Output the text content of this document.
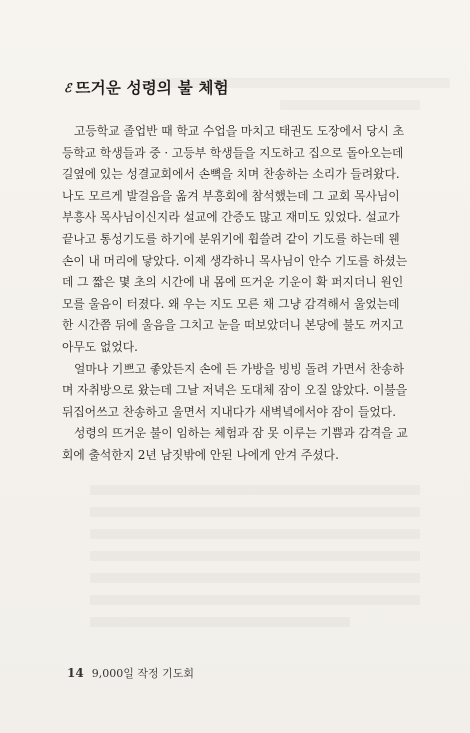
ℰ 뜨거운 성령의 불 체험
고등학교 졸업반 때 학교 수업을 마치고 태권도 도장에서 당시 초
등학교 학생들과 중 · 고등부 학생들을 지도하고 집으로 돌아오는데
길옆에 있는 성결교회에서 손뼉을 치며 찬송하는 소리가 들려왔다.
나도 모르게 발걸음을 옮겨 부흥회에 참석했는데 그 교회 목사님이
부흥사 목사님이신지라 설교에 간증도 많고 재미도 있었다. 설교가
끝나고 통성기도를 하기에 분위기에 휩쓸려 같이 기도를 하는데 웬
손이 내 머리에 닿았다. 이제 생각하니 목사님이 안수 기도를 하셨는
데 그 짧은 몇 초의 시간에 내 몸에 뜨거운 기운이 확 퍼지더니 원인
모를 울음이 터졌다. 왜 우는 지도 모른 채 그냥 감격해서 울었는데
한 시간쯤 뒤에 울음을 그치고 눈을 떠보았더니 본당에 불도 꺼지고
아무도 없었다.
얼마나 기쁘고 좋았든지 손에 든 가방을 빙빙 돌려 가면서 찬송하
며 자취방으로 왔는데 그날 저녁은 도대체 잠이 오질 않았다. 이불을
뒤집어쓰고 찬송하고 울면서 지내다가 새벽녘에서야 잠이 들었다.
성령의 뜨거운 불이 임하는 체험과 잠 못 이루는 기쁨과 감격을 교
회에 출석한지 2년 남짓밖에 안된 나에게 안겨 주셨다.
14 9,000일 작정 기도회
